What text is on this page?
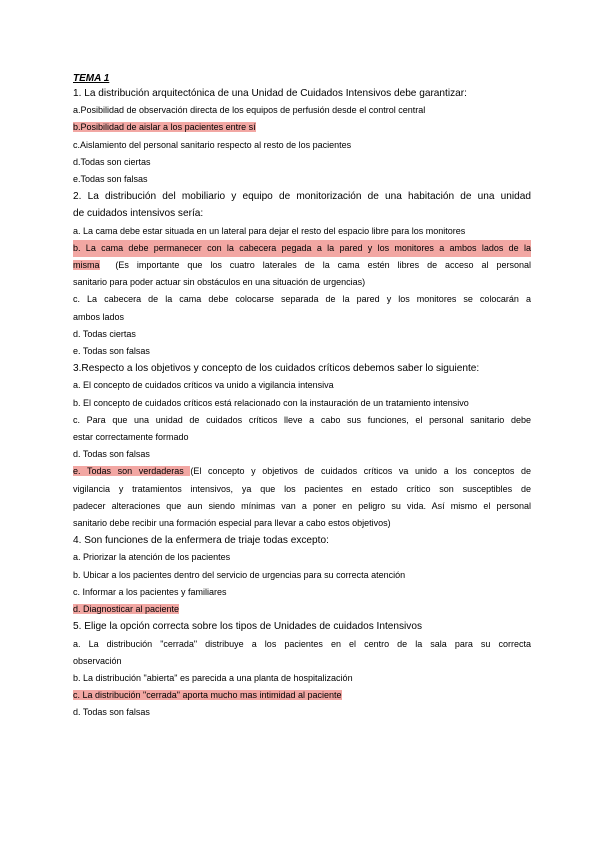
TEMA 1
1. La distribución arquitectónica de una Unidad de Cuidados Intensivos debe garantizar:
a.Posibilidad de observación directa de los equipos de perfusión desde el control central
b.Posibilidad de aislar a los pacientes entre sí
c.Aislamiento del personal sanitario respecto al resto de los pacientes
d.Todas son ciertas
e.Todas son falsas
2. La distribución del mobiliario y equipo de monitorización de una habitación de una unidad
de cuidados intensivos sería:
a. La cama debe estar situada en un lateral para dejar el resto del espacio libre para los monitores
b. La cama debe permanecer con la cabecera pegada a la pared y los monitores a ambos lados de la
misma (Es importante que los cuatro laterales de la cama estén libres de acceso al personal
sanitario para poder actuar sin obstáculos en una situación de urgencias)
c. La cabecera de la cama debe colocarse separada de la pared y los monitores se colocarán a
ambos lados
d. Todas ciertas
e. Todas son falsas
3.Respecto a los objetivos y concepto de los cuidados críticos debemos saber lo siguiente:
a. El concepto de cuidados críticos va unido a vigilancia intensiva
b. El concepto de cuidados críticos está relacionado con la instauración de un tratamiento intensivo
c. Para que una unidad de cuidados críticos lleve a cabo sus funciones, el personal sanitario debe
estar correctamente formado
d. Todas son falsas
e. Todas son verdaderas (El concepto y objetivos de cuidados críticos va unido a los conceptos de
vigilancia y tratamientos intensivos, ya que los pacientes en estado crítico son susceptibles de
padecer alteraciones que aun siendo mínimas van a poner en peligro su vida. Así mismo el personal
sanitario debe recibir una formación especial para llevar a cabo estos objetivos)
4. Son funciones de la enfermera de triaje todas excepto:
a. Priorizar la atención de los pacientes
b. Ubicar a los pacientes dentro del servicio de urgencias para su correcta atención
c. Informar a los pacientes y familiares
d. Diagnosticar al paciente
5. Elige la opción correcta sobre los tipos de Unidades de cuidados Intensivos
a. La distribución "cerrada" distribuye a los pacientes en el centro de la sala para su correcta
observación
b. La distribución "abierta" es parecida a una planta de hospitalización
c. La distribución "cerrada" aporta mucho mas intimidad al paciente
d. Todas son falsas
